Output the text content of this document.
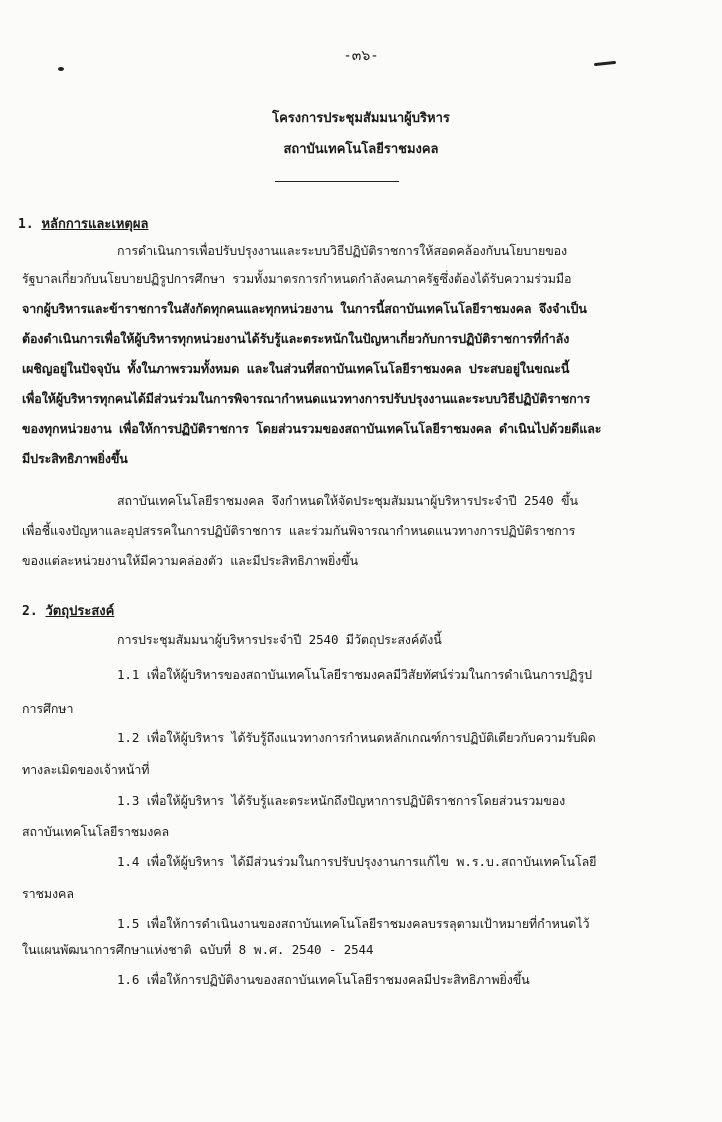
-๓๖-
โครงการประชุมสัมมนาผู้บริหาร
สถาบันเทคโนโลยีราชมงคล
1. หลักการและเหตุผล
การดำเนินการเพื่อปรับปรุงงานและระบบวิธีปฏิบัติราชการให้สอดคล้องกับนโยบายของ
รัฐบาลเกี่ยวกับนโยบายปฏิรูปการศึกษา รวมทั้งมาตรการกำหนดกำลังคนภาครัฐซึ่งต้องได้รับความร่วมมือ
จากผู้บริหารและข้าราชการในสังกัดทุกคนและทุกหน่วยงาน ในการนี้สถาบันเทคโนโลยีราชมงคล จึงจำเป็น
ต้องดำเนินการเพื่อให้ผู้บริหารทุกหน่วยงานได้รับรู้และตระหนักในปัญหาเกี่ยวกับการปฏิบัติราชการที่กำลัง
เผชิญอยู่ในปัจจุบัน ทั้งในภาพรวมทั้งหมด และในส่วนที่สถาบันเทคโนโลยีราชมงคล ประสบอยู่ในขณะนี้
เพื่อให้ผู้บริหารทุกคนได้มีส่วนร่วมในการพิจารณากำหนดแนวทางการปรับปรุงงานและระบบวิธีปฏิบัติราชการ
ของทุกหน่วยงาน เพื่อให้การปฏิบัติราชการ โดยส่วนรวมของสถาบันเทคโนโลยีราชมงคล ดำเนินไปด้วยดีและ
มีประสิทธิภาพยิ่งขึ้น
สถาบันเทคโนโลยีราชมงคล จึงกำหนดให้จัดประชุมสัมมนาผู้บริหารประจำปี 2540 ขึ้น
เพื่อชี้แจงปัญหาและอุปสรรคในการปฏิบัติราชการ และร่วมกันพิจารณากำหนดแนวทางการปฏิบัติราชการ
ของแต่ละหน่วยงานให้มีความคล่องตัว และมีประสิทธิภาพยิ่งขึ้น
2. วัตถุประสงค์
การประชุมสัมมนาผู้บริหารประจำปี 2540 มีวัตถุประสงค์ดังนี้
1.1 เพื่อให้ผู้บริหารของสถาบันเทคโนโลยีราชมงคลมีวิสัยทัศน์ร่วมในการดำเนินการปฏิรูป
การศึกษา
1.2 เพื่อให้ผู้บริหาร ได้รับรู้ถึงแนวทางการกำหนดหลักเกณฑ์การปฏิบัติเดียวกับความรับผิด
ทางละเมิดของเจ้าหน้าที่
1.3 เพื่อให้ผู้บริหาร ได้รับรู้และตระหนักถึงปัญหาการปฏิบัติราชการโดยส่วนรวมของ
สถาบันเทคโนโลยีราชมงคล
1.4 เพื่อให้ผู้บริหาร ได้มีส่วนร่วมในการปรับปรุงงานการแก้ไข พ.ร.บ.สถาบันเทคโนโลยี
ราชมงคล
1.5 เพื่อให้การดำเนินงานของสถาบันเทคโนโลยีราชมงคลบรรลุตามเป้าหมายที่กำหนดไว้
ในแผนพัฒนาการศึกษาแห่งชาติ ฉบับที่ 8 พ.ศ. 2540 - 2544
1.6 เพื่อให้การปฏิบัติงานของสถาบันเทคโนโลยีราชมงคลมีประสิทธิภาพยิ่งขึ้น
